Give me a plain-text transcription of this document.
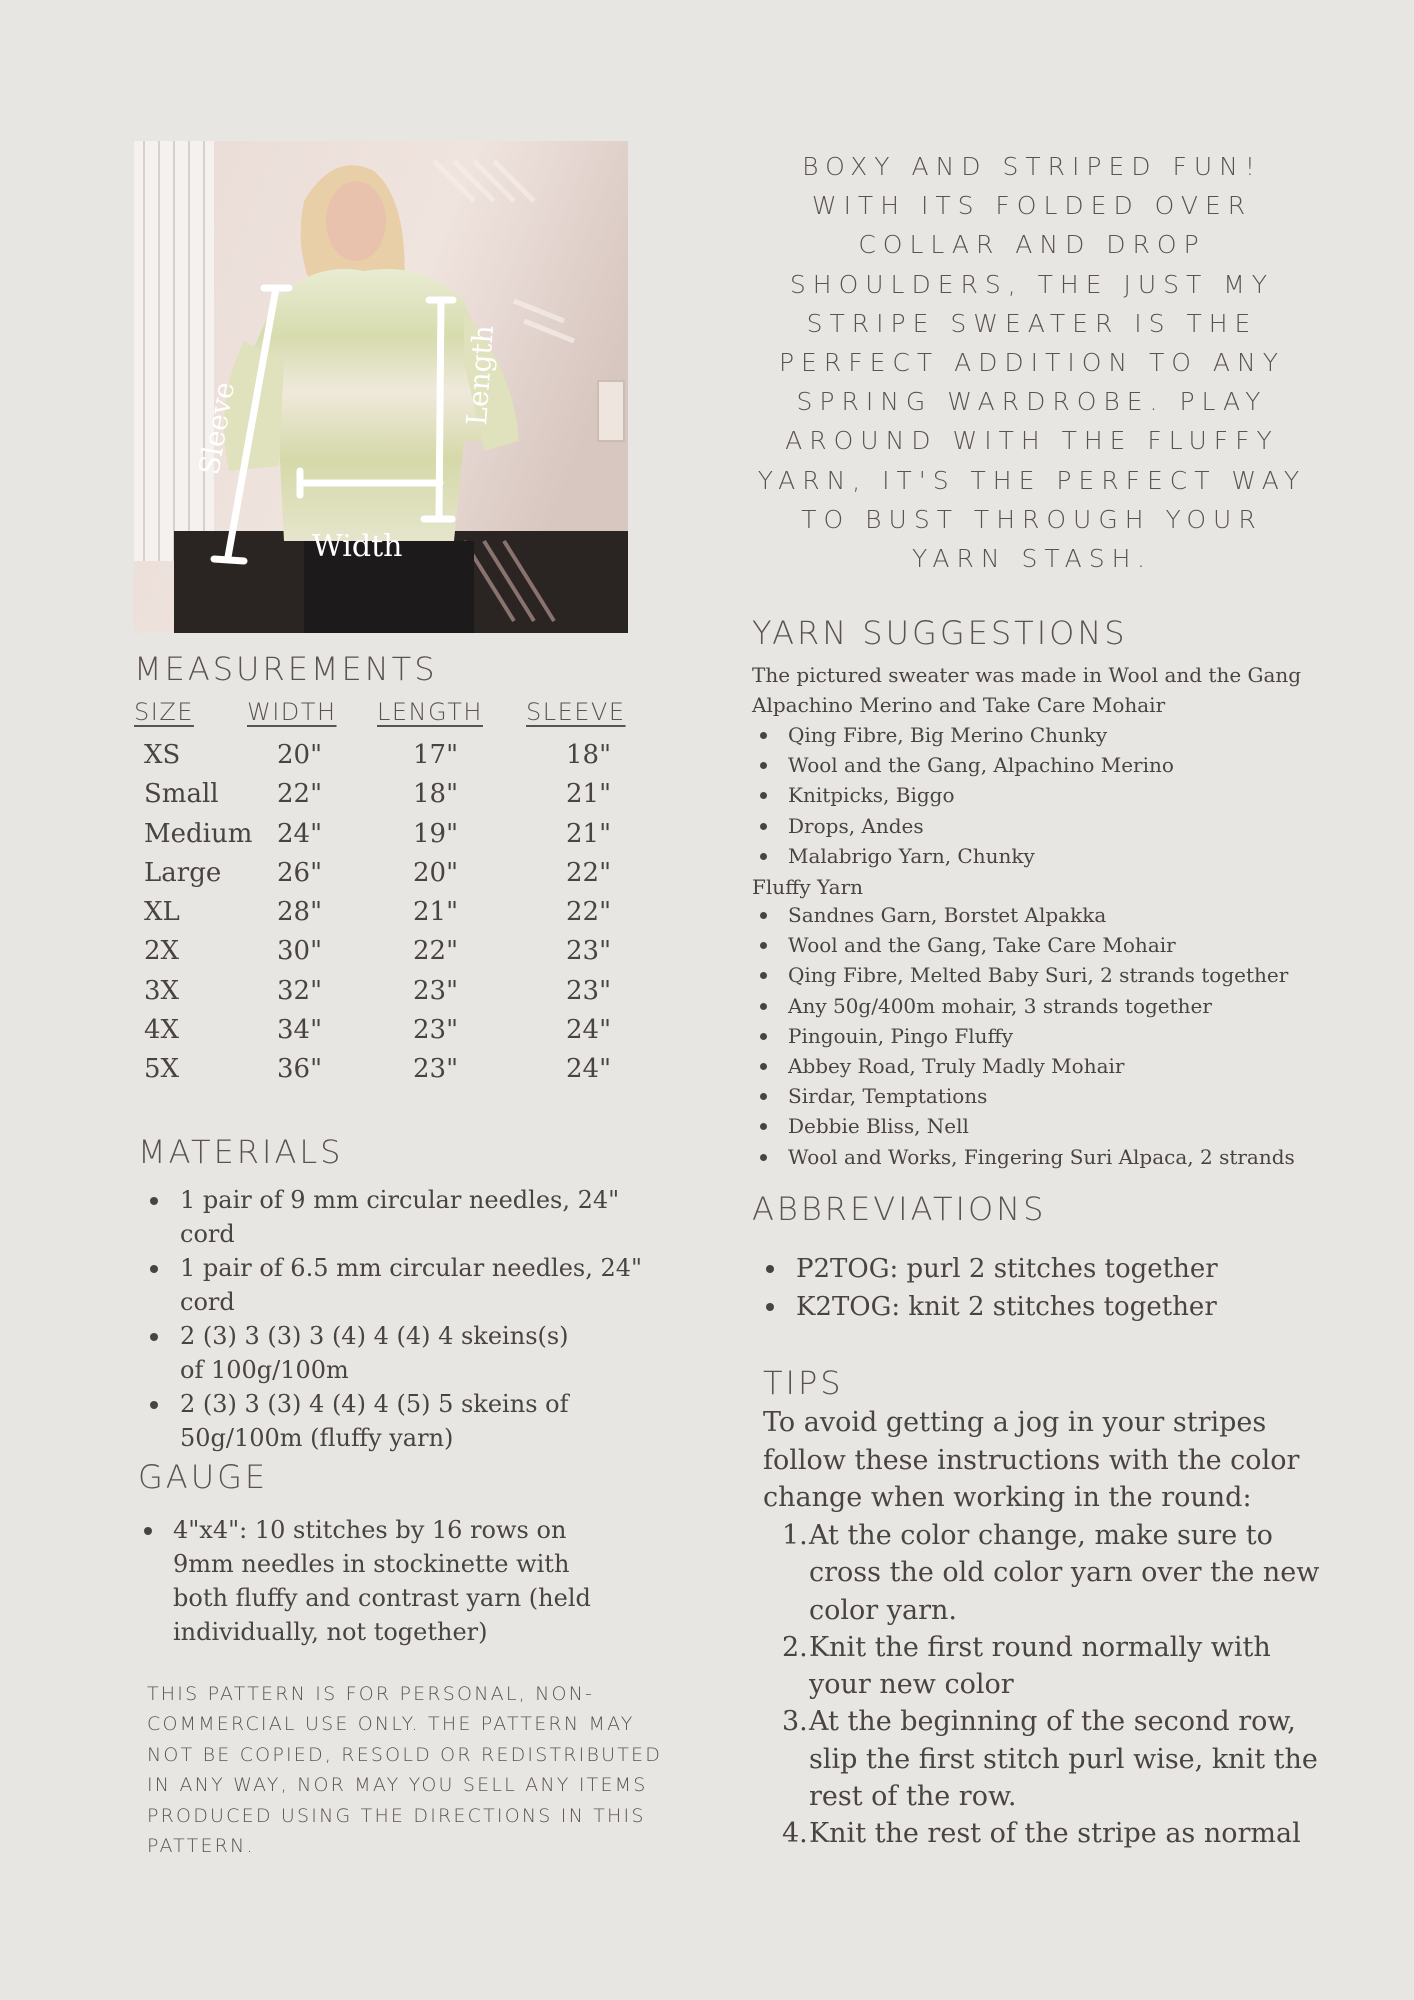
Sleeve
Length
Width
MEASUREMENTS
SIZE WIDTH LENGTH SLEEVE
XS	20"	17"	18"
Small 22"	18"	21"
Medium 24"	19"	21"
Large 26"	20"	22"
XL	28"	21"	22"
2X	30"	22"	23"
3X	32"	23"	23"
4X	34"	23"	24"
5X	36"	23"	24"
MATERIALS
1 pair of 9 mm circular needles, 24" cord
1 pair of 6.5 mm circular needles, 24" cord
2 (3) 3 (3) 3 (4) 4 (4) 4 skeins(s) of 100g/100m
2 (3) 3 (3) 4 (4) 4 (5) 5 skeins of 50g/100m (fluffy yarn)
GAUGE
4"x4": 10 stitches by 16 rows on 9mm needles in stockinette with both fluffy and contrast yarn (held individually, not together)
THIS PATTERN IS FOR PERSONAL, NON-COMMERCIAL USE ONLY. THE PATTERN MAY NOT BE COPIED, RESOLD OR REDISTRIBUTED IN ANY WAY, NOR MAY YOU SELL ANY ITEMS PRODUCED USING THE DIRECTIONS IN THIS PATTERN.
BOXY AND STRIPED FUN! WITH ITS FOLDED OVER COLLAR AND DROP SHOULDERS, THE JUST MY STRIPE SWEATER IS THE PERFECT ADDITION TO ANY SPRING WARDROBE. PLAY AROUND WITH THE FLUFFY YARN, IT'S THE PERFECT WAY TO BUST THROUGH YOUR YARN STASH.
YARN SUGGESTIONS
The pictured sweater was made in Wool and the Gang Alpachino Merino and Take Care Mohair
Qing Fibre, Big Merino Chunky
Wool and the Gang, Alpachino Merino
Knitpicks, Biggo
Drops, Andes
Malabrigo Yarn, Chunky
Fluffy Yarn
Sandnes Garn, Borstet Alpakka
Wool and the Gang, Take Care Mohair
Qing Fibre, Melted Baby Suri, 2 strands together
Any 50g/400m mohair, 3 strands together
Pingouin, Pingo Fluffy
Abbey Road, Truly Madly Mohair
Sirdar, Temptations
Debbie Bliss, Nell
Wool and Works, Fingering Suri Alpaca, 2 strands
ABBREVIATIONS
P2TOG: purl 2 stitches together
K2TOG: knit 2 stitches together
TIPS
To avoid getting a jog in your stripes follow these instructions with the color change when working in the round:
1. At the color change, make sure to cross the old color yarn over the new color yarn.
2. Knit the first round normally with your new color
3. At the beginning of the second row, slip the first stitch purl wise, knit the rest of the row.
4. Knit the rest of the stripe as normal
